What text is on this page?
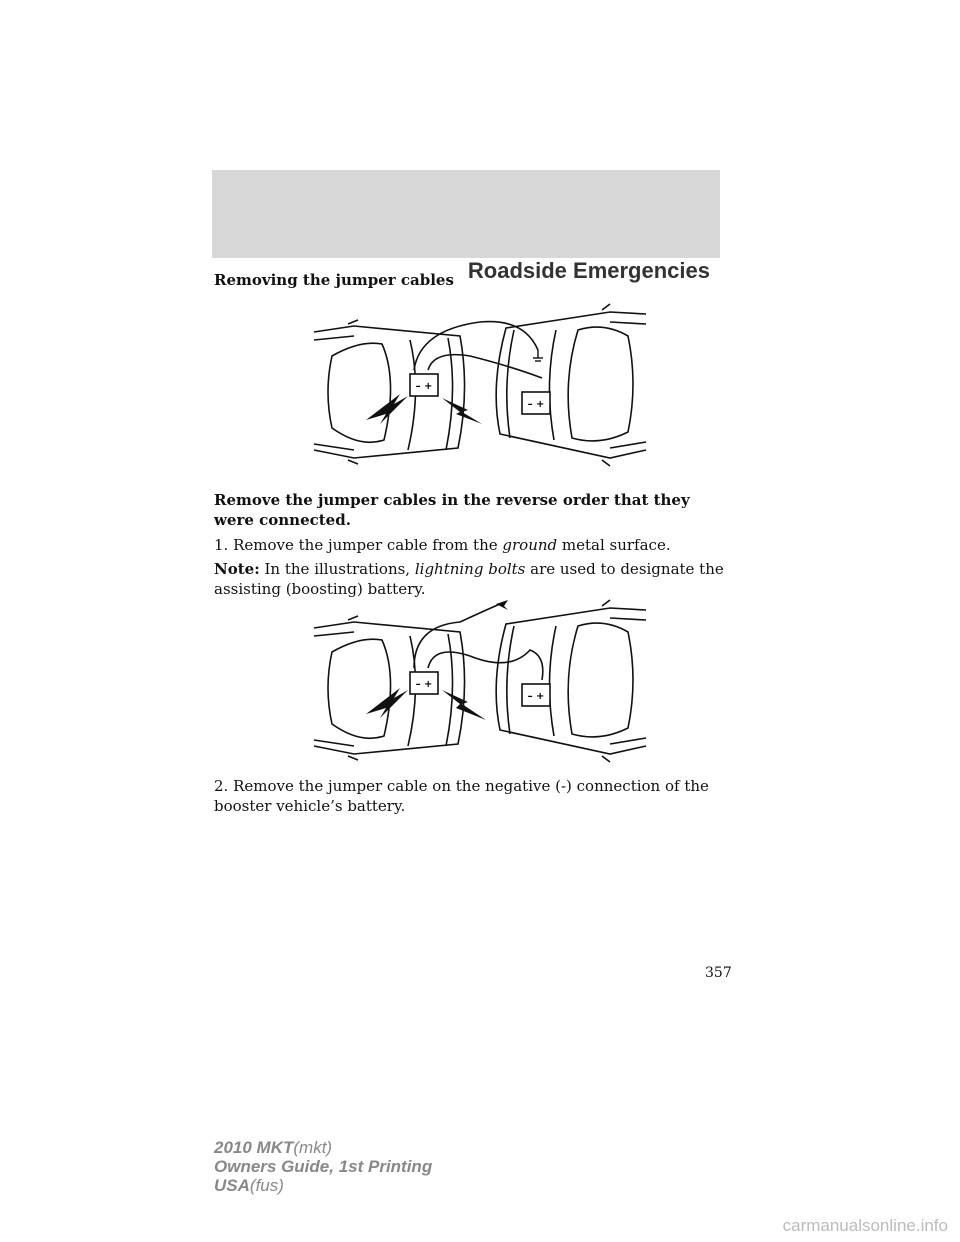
Roadside Emergencies
Removing the jumper cables
– +
– +
Remove the jumper cables in the reverse order that they were connected.
1. Remove the jumper cable from the ground metal surface.
Note: In the illustrations, lightning bolts are used to designate the assisting (boosting) battery.
– +
– +
2. Remove the jumper cable on the negative (-) connection of the booster vehicle’s battery.
357
2010 MKT(mkt)
Owners Guide, 1st Printing
USA(fus)
carmanualsonline.info
